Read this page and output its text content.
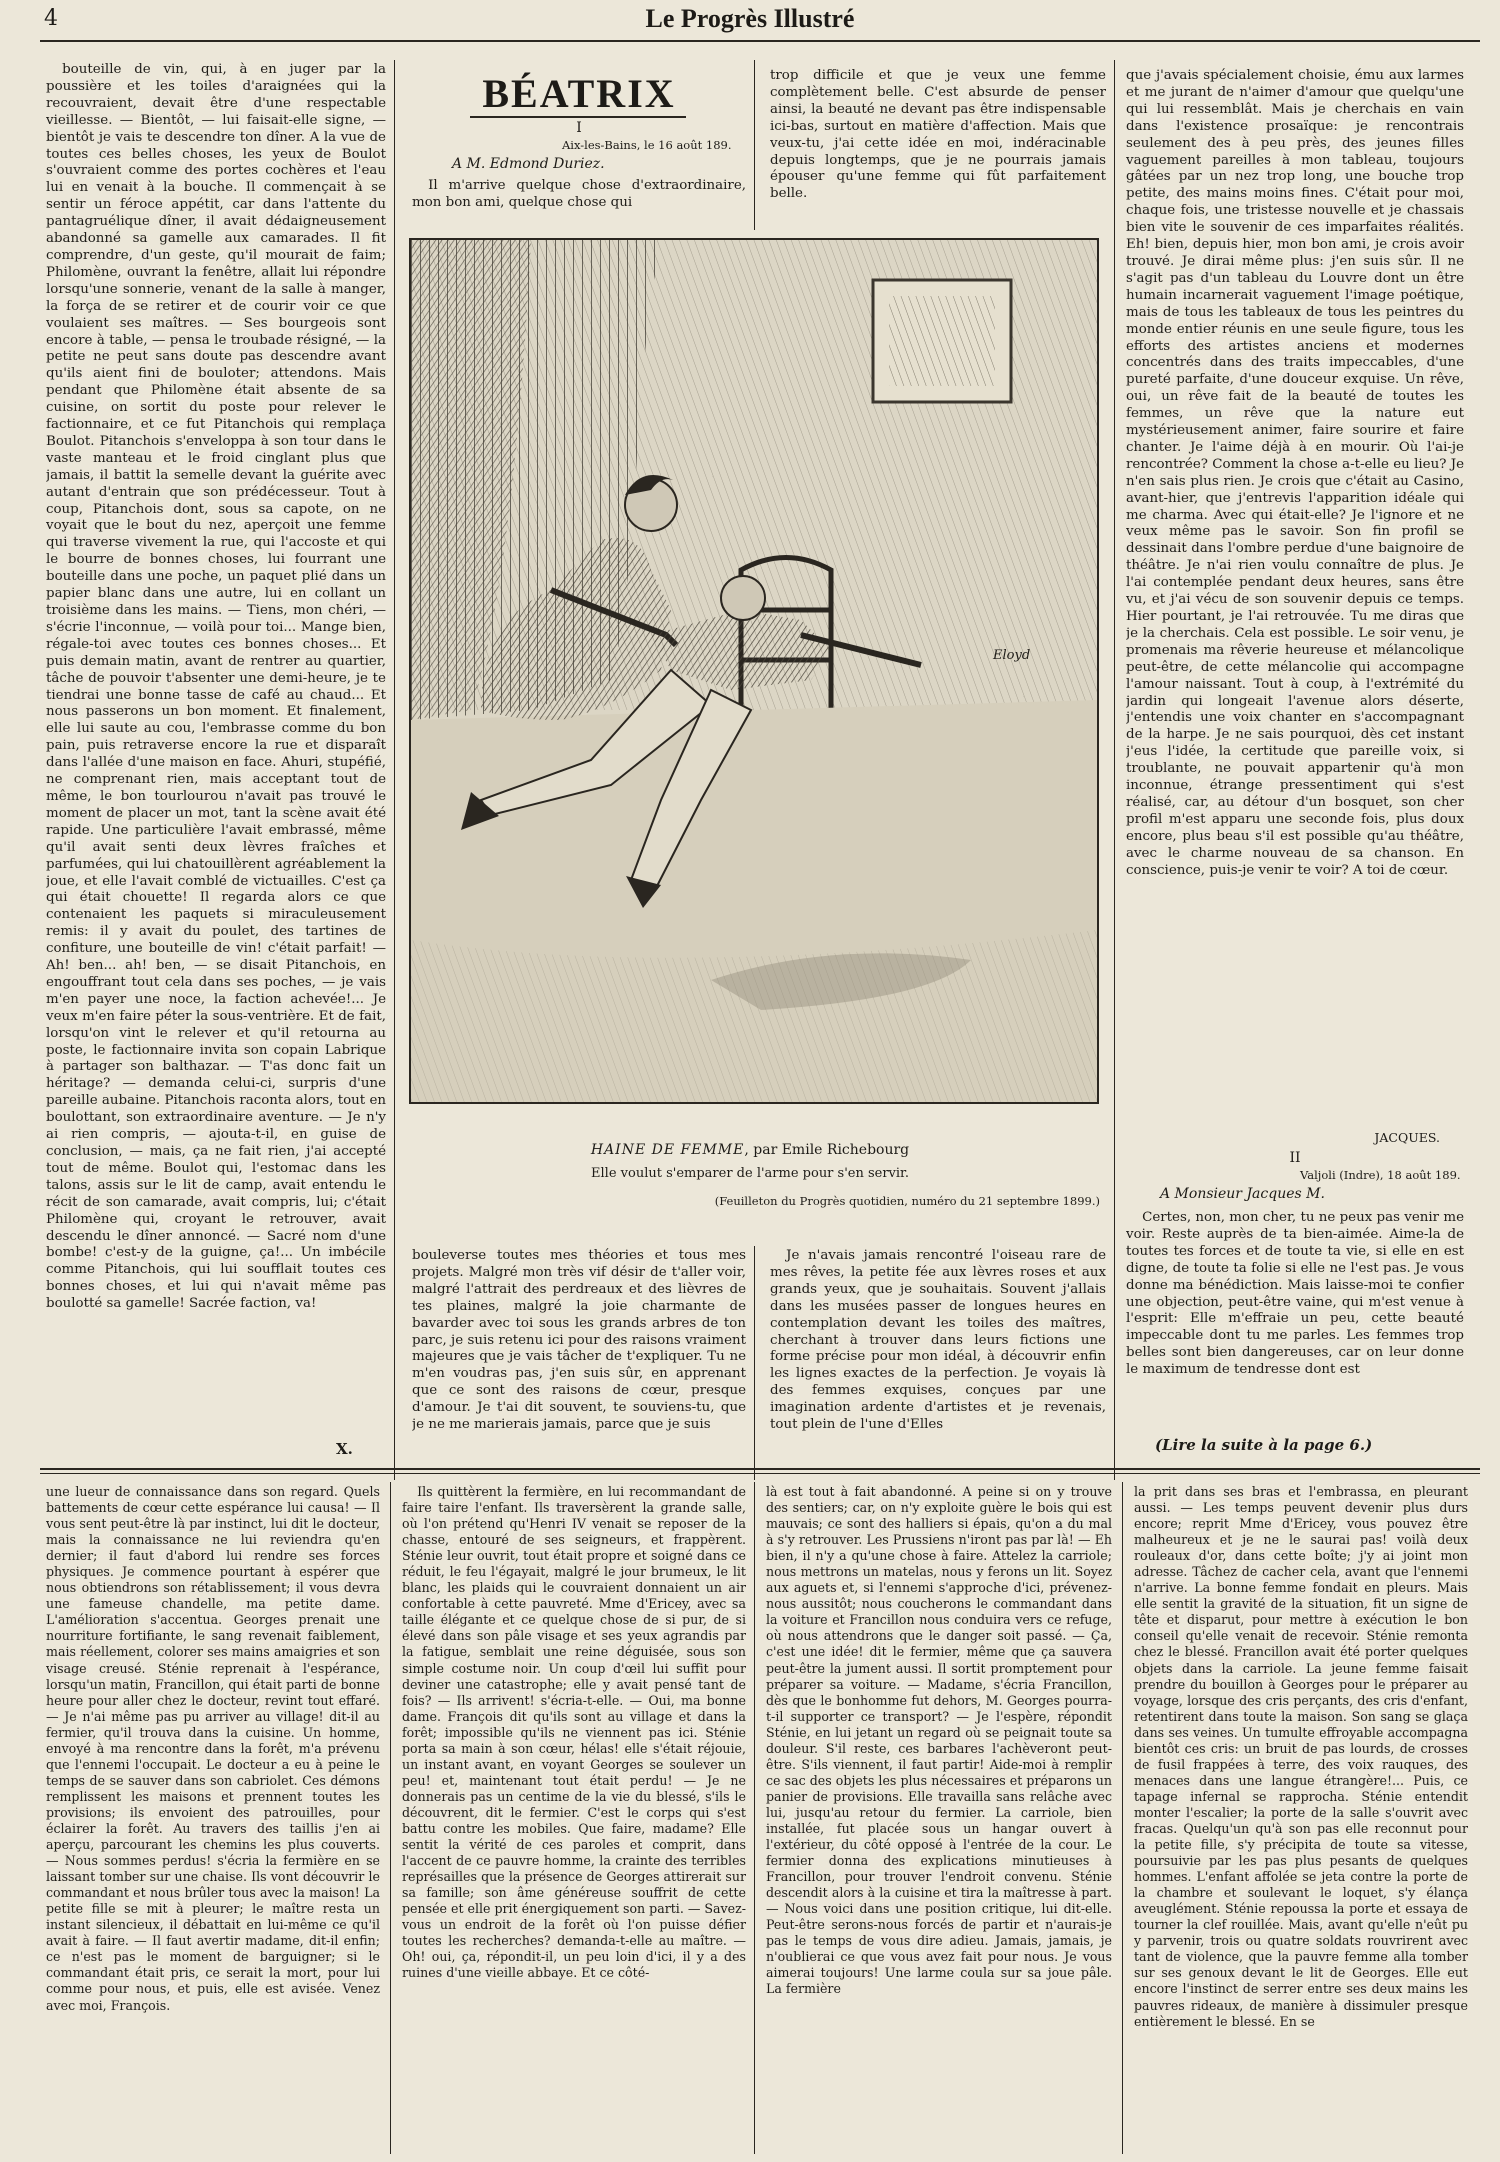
4	Le Progrès Illustré

bouteille de vin, qui, à en juger par la poussière et les toiles d'araignées qui la recouvraient, devait être d'une respectable vieillesse. — Bientôt, — lui faisait-elle signe, — bientôt je vais te descendre ton dîner. A la vue de toutes ces belles choses, les yeux de Boulot s'ouvraient comme des portes cochères et l'eau lui en venait à la bouche. Il commençait à se sentir un féroce appétit, car dans l'attente du pantagruélique dîner, il avait dédaigneusement abandonné sa gamelle aux camarades. Il fit comprendre, d'un geste, qu'il mourait de faim; Philomène, ouvrant la fenêtre, allait lui répondre lorsqu'une sonnerie, venant de la salle à manger, la força de se retirer et de courir voir ce que voulaient ses maîtres. — Ses bourgeois sont encore à table, — pensa le troubade résigné, — la petite ne peut sans doute pas descendre avant qu'ils aient fini de bouloter; attendons. Mais pendant que Philomène était absente de sa cuisine, on sortit du poste pour relever le factionnaire, et ce fut Pitanchois qui remplaça Boulot. Pitanchois s'enveloppa à son tour dans le vaste manteau et le froid cinglant plus que jamais, il battit la semelle devant la guérite avec autant d'entrain que son prédécesseur. Tout à coup, Pitanchois dont, sous sa capote, on ne voyait que le bout du nez, aperçoit une femme qui traverse vivement la rue, qui l'accoste et qui le bourre de bonnes choses, lui fourrant une bouteille dans une poche, un paquet plié dans un papier blanc dans une autre, lui en collant un troisième dans les mains. — Tiens, mon chéri, — s'écrie l'inconnue, — voilà pour toi... Mange bien, régale-toi avec toutes ces bonnes choses... Et puis demain matin, avant de rentrer au quartier, tâche de pouvoir t'absenter une demi-heure, je te tiendrai une bonne tasse de café au chaud... Et nous passerons un bon moment. Et finalement, elle lui saute au cou, l'embrasse comme du bon pain, puis retraverse encore la rue et disparaît dans l'allée d'une maison en face. Ahuri, stupéfié, ne comprenant rien, mais acceptant tout de même, le bon tourlourou n'avait pas trouvé le moment de placer un mot, tant la scène avait été rapide. Une particulière l'avait embrassé, même qu'il avait senti deux lèvres fraîches et parfumées, qui lui chatouillèrent agréablement la joue, et elle l'avait comblé de victuailles. C'est ça qui était chouette! Il regarda alors ce que contenaient les paquets si miraculeusement remis: il y avait du poulet, des tartines de confiture, une bouteille de vin! c'était parfait! — Ah! ben... ah! ben, — se disait Pitanchois, en engouffrant tout cela dans ses poches, — je vais m'en payer une noce, la faction achevée!... Je veux m'en faire péter la sous-ventrière. Et de fait, lorsqu'on vint le relever et qu'il retourna au poste, le factionnaire invita son copain Labrique à partager son balthazar. — T'as donc fait un héritage? — demanda celui-ci, surpris d'une pareille aubaine. Pitanchois raconta alors, tout en boulottant, son extraordinaire aventure. — Je n'y ai rien compris, — ajouta-t-il, en guise de conclusion, — mais, ça ne fait rien, j'ai accepté tout de même. Boulot qui, l'estomac dans les talons, assis sur le lit de camp, avait entendu le récit de son camarade, avait compris, lui; c'était Philomène qui, croyant le retrouver, avait descendu le dîner annoncé. — Sacré nom d'une bombe! c'est-y de la guigne, ça!... Un imbécile comme Pitanchois, qui lui soufflait toutes ces bonnes choses, et lui qui n'avait même pas boulotté sa gamelle! Sacrée faction, va!

X.
BÉATRIX
I
Aix-les-Bains, le 16 août 189.
A M. Edmond Duriez.

Il m'arrive quelque chose d'extraordinaire, mon bon ami, quelque chose qui

trop difficile et que je veux une femme complètement belle. C'est absurde de penser ainsi, la beauté ne devant pas être indispensable ici-bas, surtout en matière d'affection. Mais que veux-tu, j'ai cette idée en moi, indéracinable depuis longtemps, que je ne pourrais jamais épouser qu'une femme qui fût parfaitement belle.

Eloyd
HAINE DE FEMME, par Emile Richebourg
Elle voulut s'emparer de l'arme pour s'en servir.
(Feuilleton du Progrès quotidien, numéro du 21 septembre 1899.)

bouleverse toutes mes théories et tous mes projets. Malgré mon très vif désir de t'aller voir, malgré l'attrait des perdreaux et des lièvres de tes plaines, malgré la joie charmante de bavarder avec toi sous les grands arbres de ton parc, je suis retenu ici pour des raisons vraiment majeures que je vais tâcher de t'expliquer. Tu ne m'en voudras pas, j'en suis sûr, en apprenant que ce sont des raisons de cœur, presque d'amour. Je t'ai dit souvent, te souviens-tu, que je ne me marierais jamais, parce que je suis

Je n'avais jamais rencontré l'oiseau rare de mes rêves, la petite fée aux lèvres roses et aux grands yeux, que je souhaitais. Souvent j'allais dans les musées passer de longues heures en contemplation devant les toiles des maîtres, cherchant à trouver dans leurs fictions une forme précise pour mon idéal, à découvrir enfin les lignes exactes de la perfection. Je voyais là des femmes exquises, conçues par une imagination ardente d'artistes et je revenais, tout plein de l'une d'Elles

que j'avais spécialement choisie, ému aux larmes et me jurant de n'aimer d'amour que quelqu'une qui lui ressemblât. Mais je cherchais en vain dans l'existence prosaïque: je rencontrais seulement des à peu près, des jeunes filles vaguement pareilles à mon tableau, toujours gâtées par un nez trop long, une bouche trop petite, des mains moins fines. C'était pour moi, chaque fois, une tristesse nouvelle et je chassais bien vite le souvenir de ces imparfaites réalités. Eh! bien, depuis hier, mon bon ami, je crois avoir trouvé. Je dirai même plus: j'en suis sûr. Il ne s'agit pas d'un tableau du Louvre dont un être humain incarnerait vaguement l'image poétique, mais de tous les tableaux de tous les peintres du monde entier réunis en une seule figure, tous les efforts des artistes anciens et modernes concentrés dans des traits impeccables, d'une pureté parfaite, d'une douceur exquise. Un rêve, oui, un rêve fait de la beauté de toutes les femmes, un rêve que la nature eut mystérieusement animer, faire sourire et faire chanter. Je l'aime déjà à en mourir. Où l'ai-je rencontrée? Comment la chose a-t-elle eu lieu? Je n'en sais plus rien. Je crois que c'était au Casino, avant-hier, que j'entrevis l'apparition idéale qui me charma. Avec qui était-elle? Je l'ignore et ne veux même pas le savoir. Son fin profil se dessinait dans l'ombre perdue d'une baignoire de théâtre. Je n'ai rien voulu connaître de plus. Je l'ai contemplée pendant deux heures, sans être vu, et j'ai vécu de son souvenir depuis ce temps. Hier pourtant, je l'ai retrouvée. Tu me diras que je la cherchais. Cela est possible. Le soir venu, je promenais ma rêverie heureuse et mélancolique peut-être, de cette mélancolie qui accompagne l'amour naissant. Tout à coup, à l'extrémité du jardin qui longeait l'avenue alors déserte, j'entendis une voix chanter en s'accompagnant de la harpe. Je ne sais pourquoi, dès cet instant j'eus l'idée, la certitude que pareille voix, si troublante, ne pouvait appartenir qu'à mon inconnue, étrange pressentiment qui s'est réalisé, car, au détour d'un bosquet, son cher profil m'est apparu une seconde fois, plus doux encore, plus beau s'il est possible qu'au théâtre, avec le charme nouveau de sa chanson. En conscience, puis-je venir te voir? A toi de cœur.

JACQUES.
II
Valjoli (Indre), 18 août 189.
A Monsieur Jacques M.

Certes, non, mon cher, tu ne peux pas venir me voir. Reste auprès de ta bien-aimée. Aime-la de toutes tes forces et de toute ta vie, si elle en est digne, de toute ta folie si elle ne l'est pas. Je vous donne ma bénédiction. Mais laisse-moi te confier une objection, peut-être vaine, qui m'est venue à l'esprit: Elle m'effraie un peu, cette beauté impeccable dont tu me parles. Les femmes trop belles sont bien dangereuses, car on leur donne le maximum de tendresse dont est

(Lire la suite à la page 6.)

une lueur de connaissance dans son regard. Quels battements de cœur cette espérance lui causa! — Il vous sent peut-être là par instinct, lui dit le docteur, mais la connaissance ne lui reviendra qu'en dernier; il faut d'abord lui rendre ses forces physiques. Je commence pourtant à espérer que nous obtiendrons son rétablissement; il vous devra une fameuse chandelle, ma petite dame. L'amélioration s'accentua. Georges prenait une nourriture fortifiante, le sang revenait faiblement, mais réellement, colorer ses mains amaigries et son visage creusé. Sténie reprenait à l'espérance, lorsqu'un matin, Francillon, qui était parti de bonne heure pour aller chez le docteur, revint tout effaré. — Je n'ai même pas pu arriver au village! dit-il au fermier, qu'il trouva dans la cuisine. Un homme, envoyé à ma rencontre dans la forêt, m'a prévenu que l'ennemi l'occupait. Le docteur a eu à peine le temps de se sauver dans son cabriolet. Ces démons remplissent les maisons et prennent toutes les provisions; ils envoient des patrouilles, pour éclairer la forêt. Au travers des taillis j'en ai aperçu, parcourant les chemins les plus couverts. — Nous sommes perdus! s'écria la fermière en se laissant tomber sur une chaise. Ils vont découvrir le commandant et nous brûler tous avec la maison! La petite fille se mit à pleurer; le maître resta un instant silencieux, il débattait en lui-même ce qu'il avait à faire. — Il faut avertir madame, dit-il enfin; ce n'est pas le moment de barguigner; si le commandant était pris, ce serait la mort, pour lui comme pour nous, et puis, elle est avisée. Venez avec moi, François.

Ils quittèrent la fermière, en lui recommandant de faire taire l'enfant. Ils traversèrent la grande salle, où l'on prétend qu'Henri IV venait se reposer de la chasse, entouré de ses seigneurs, et frappèrent. Sténie leur ouvrit, tout était propre et soigné dans ce réduit, le feu l'égayait, malgré le jour brumeux, le lit blanc, les plaids qui le couvraient donnaient un air confortable à cette pauvreté. Mme d'Ericey, avec sa taille élégante et ce quelque chose de si pur, de si élevé dans son pâle visage et ses yeux agrandis par la fatigue, semblait une reine déguisée, sous son simple costume noir. Un coup d'œil lui suffit pour deviner une catastrophe; elle y avait pensé tant de fois? — Ils arrivent! s'écria-t-elle. — Oui, ma bonne dame. François dit qu'ils sont au village et dans la forêt; impossible qu'ils ne viennent pas ici. Sténie porta sa main à son cœur, hélas! elle s'était réjouie, un instant avant, en voyant Georges se soulever un peu! et, maintenant tout était perdu! — Je ne donnerais pas un centime de la vie du blessé, s'ils le découvrent, dit le fermier. C'est le corps qui s'est battu contre les mobiles. Que faire, madame? Elle sentit la vérité de ces paroles et comprit, dans l'accent de ce pauvre homme, la crainte des terribles représailles que la présence de Georges attirerait sur sa famille; son âme généreuse souffrit de cette pensée et elle prit énergiquement son parti. — Savez-vous un endroit de la forêt où l'on puisse défier toutes les recherches? demanda-t-elle au maître. — Oh! oui, ça, répondit-il, un peu loin d'ici, il y a des ruines d'une vieille abbaye. Et ce côté-

là est tout à fait abandonné. A peine si on y trouve des sentiers; car, on n'y exploite guère le bois qui est mauvais; ce sont des halliers si épais, qu'on a du mal à s'y retrouver. Les Prussiens n'iront pas par là! — Eh bien, il n'y a qu'une chose à faire. Attelez la carriole; nous mettrons un matelas, nous y ferons un lit. Soyez aux aguets et, si l'ennemi s'approche d'ici, prévenez-nous aussitôt; nous coucherons le commandant dans la voiture et Francillon nous conduira vers ce refuge, où nous attendrons que le danger soit passé. — Ça, c'est une idée! dit le fermier, même que ça sauvera peut-être la jument aussi. Il sortit promptement pour préparer sa voiture. — Madame, s'écria Francillon, dès que le bonhomme fut dehors, M. Georges pourra-t-il supporter ce transport? — Je l'espère, répondit Sténie, en lui jetant un regard où se peignait toute sa douleur. S'il reste, ces barbares l'achèveront peut-être. S'ils viennent, il faut partir! Aide-moi à remplir ce sac des objets les plus nécessaires et préparons un panier de provisions. Elle travailla sans relâche avec lui, jusqu'au retour du fermier. La carriole, bien installée, fut placée sous un hangar ouvert à l'extérieur, du côté opposé à l'entrée de la cour. Le fermier donna des explications minutieuses à Francillon, pour trouver l'endroit convenu. Sténie descendit alors à la cuisine et tira la maîtresse à part. — Nous voici dans une position critique, lui dit-elle. Peut-être serons-nous forcés de partir et n'aurais-je pas le temps de vous dire adieu. Jamais, jamais, je n'oublierai ce que vous avez fait pour nous. Je vous aimerai toujours! Une larme coula sur sa joue pâle. La fermière

la prit dans ses bras et l'embrassa, en pleurant aussi. — Les temps peuvent devenir plus durs encore; reprit Mme d'Ericey, vous pouvez être malheureux et je ne le saurai pas! voilà deux rouleaux d'or, dans cette boîte; j'y ai joint mon adresse. Tâchez de cacher cela, avant que l'ennemi n'arrive. La bonne femme fondait en pleurs. Mais elle sentit la gravité de la situation, fit un signe de tête et disparut, pour mettre à exécution le bon conseil qu'elle venait de recevoir. Sténie remonta chez le blessé. Francillon avait été porter quelques objets dans la carriole. La jeune femme faisait prendre du bouillon à Georges pour le préparer au voyage, lorsque des cris perçants, des cris d'enfant, retentirent dans toute la maison. Son sang se glaça dans ses veines. Un tumulte effroyable accompagna bientôt ces cris: un bruit de pas lourds, de crosses de fusil frappées à terre, des voix rauques, des menaces dans une langue étrangère!... Puis, ce tapage infernal se rapprocha. Sténie entendit monter l'escalier; la porte de la salle s'ouvrit avec fracas. Quelqu'un qu'à son pas elle reconnut pour la petite fille, s'y précipita de toute sa vitesse, poursuivie par les pas plus pesants de quelques hommes. L'enfant affolée se jeta contre la porte de la chambre et soulevant le loquet, s'y élança aveuglément. Sténie repoussa la porte et essaya de tourner la clef rouillée. Mais, avant qu'elle n'eût pu y parvenir, trois ou quatre soldats rouvrirent avec tant de violence, que la pauvre femme alla tomber sur ses genoux devant le lit de Georges. Elle eut encore l'instinct de serrer entre ses deux mains les pauvres rideaux, de manière à dissimuler presque entièrement le blessé. En se
